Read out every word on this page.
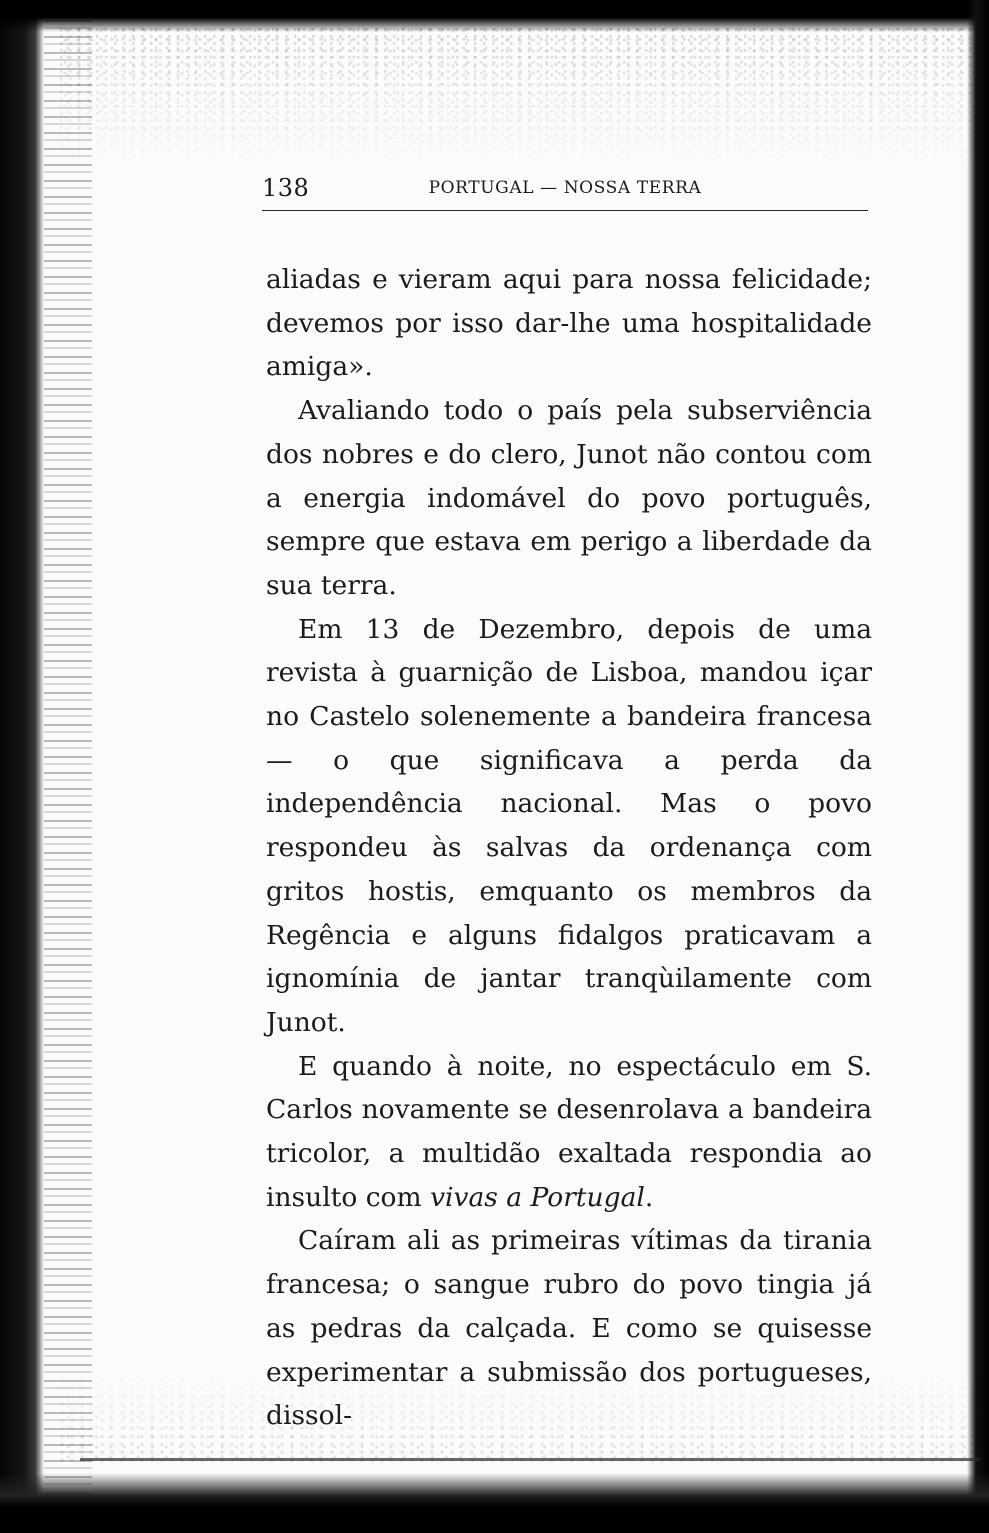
138	PORTUGAL — NOSSA TERRA

aliadas e vieram aqui para nossa felicidade; devemos por isso dar-lhe uma hospitalidade amiga».

Avaliando todo o país pela subserviência dos nobres e do clero, Junot não contou com a energia indomável do povo português, sempre que estava em perigo a liberdade da sua terra.

Em 13 de Dezembro, depois de uma revista à guarnição de Lisboa, mandou içar no Castelo solenemente a bandeira francesa — o que significava a perda da independência nacional. Mas o povo respondeu às salvas da ordenança com gritos hostis, emquanto os membros da Regência e alguns fidalgos praticavam a ignomínia de jantar tranqùilamente com Junot.

E quando à noite, no espectáculo em S. Carlos novamente se desenrolava a bandeira tricolor, a multidão exaltada respondia ao insulto com vivas a Portugal.

Caíram ali as primeiras vítimas da tirania francesa; o sangue rubro do povo tingia já as pedras da calçada. E como se quisesse experimentar a submissão dos portugueses, dissol-
